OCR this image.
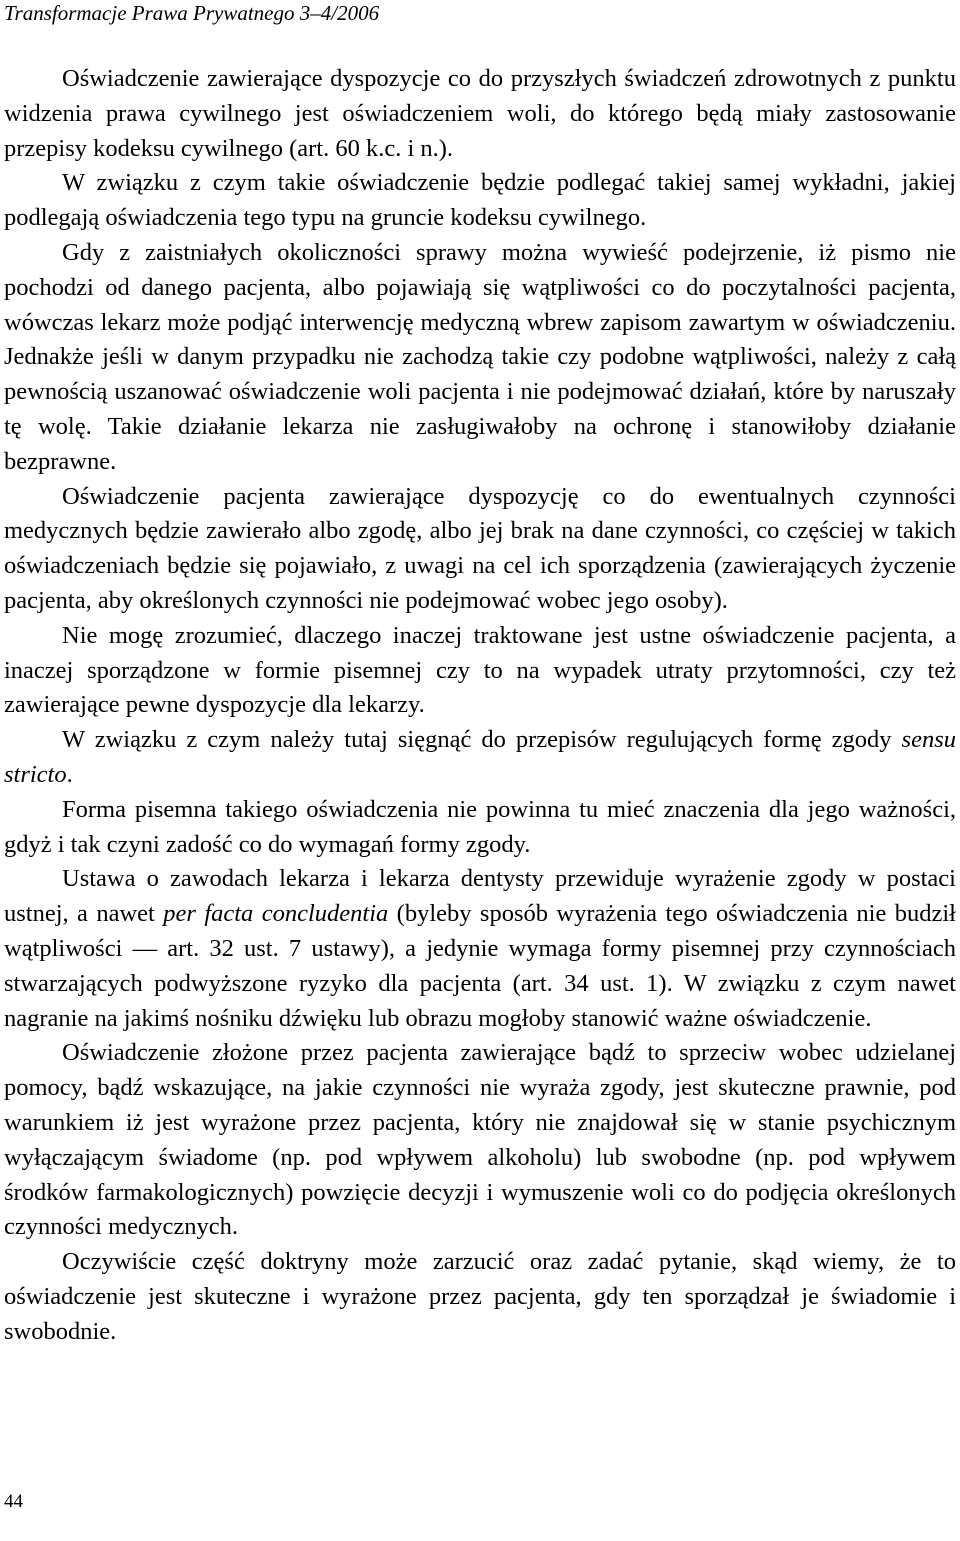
Transformacje Prawa Prywatnego 3–4/2006

Oświadczenie zawierające dyspozycje co do przyszłych świadczeń zdrowotnych z punktu widzenia prawa cywilnego jest oświadczeniem woli, do którego będą miały zastosowanie przepisy kodeksu cywilnego (art. 60 k.c. i n.).

W związku z czym takie oświadczenie będzie podlegać takiej samej wykładni, jakiej podlegają oświadczenia tego typu na gruncie kodeksu cywilnego.

Gdy z zaistniałych okoliczności sprawy można wywieść podejrzenie, iż pismo nie pochodzi od danego pacjenta, albo pojawiają się wątpliwości co do poczytalności pacjenta, wówczas lekarz może podjąć interwencję medyczną wbrew zapisom zawartym w oświadczeniu. Jednakże jeśli w danym przypadku nie zachodzą takie czy podobne wątpliwości, należy z całą pewnością uszanować oświadczenie woli pacjenta i nie podejmować działań, które by naruszały tę wolę. Takie działanie lekarza nie zasługiwałoby na ochronę i stanowiłoby działanie bezprawne.

Oświadczenie pacjenta zawierające dyspozycję co do ewentualnych czynności medycznych będzie zawierało albo zgodę, albo jej brak na dane czynności, co częściej w takich oświadczeniach będzie się pojawiało, z uwagi na cel ich sporządzenia (zawierających życzenie pacjenta, aby określonych czynności nie podejmować wobec jego osoby).

Nie mogę zrozumieć, dlaczego inaczej traktowane jest ustne oświadczenie pacjenta, a inaczej sporządzone w formie pisemnej czy to na wypadek utraty przytomności, czy też zawierające pewne dyspozycje dla lekarzy.

W związku z czym należy tutaj sięgnąć do przepisów regulujących formę zgody sensu stricto.

Forma pisemna takiego oświadczenia nie powinna tu mieć znaczenia dla jego ważności, gdyż i tak czyni zadość co do wymagań formy zgody.

Ustawa o zawodach lekarza i lekarza dentysty przewiduje wyrażenie zgody w postaci ustnej, a nawet per facta concludentia (byleby sposób wyrażenia tego oświadczenia nie budził wątpliwości — art. 32 ust. 7 ustawy), a jedynie wymaga formy pisemnej przy czynnościach stwarzających podwyższone ryzyko dla pacjenta (art. 34 ust. 1). W związku z czym nawet nagranie na jakimś nośniku dźwięku lub obrazu mogłoby stanowić ważne oświadczenie.

Oświadczenie złożone przez pacjenta zawierające bądź to sprzeciw wobec udzielanej pomocy, bądź wskazujące, na jakie czynności nie wyraża zgody, jest skuteczne prawnie, pod warunkiem iż jest wyrażone przez pacjenta, który nie znajdował się w stanie psychicznym wyłączającym świadome (np. pod wpływem alkoholu) lub swobodne (np. pod wpływem środków farmakologicznych) powzięcie decyzji i wymuszenie woli co do podjęcia określonych czynności medycznych.

Oczywiście część doktryny może zarzucić oraz zadać pytanie, skąd wiemy, że to oświadczenie jest skuteczne i wyrażone przez pacjenta, gdy ten sporządzał je świadomie i swobodnie.

44
